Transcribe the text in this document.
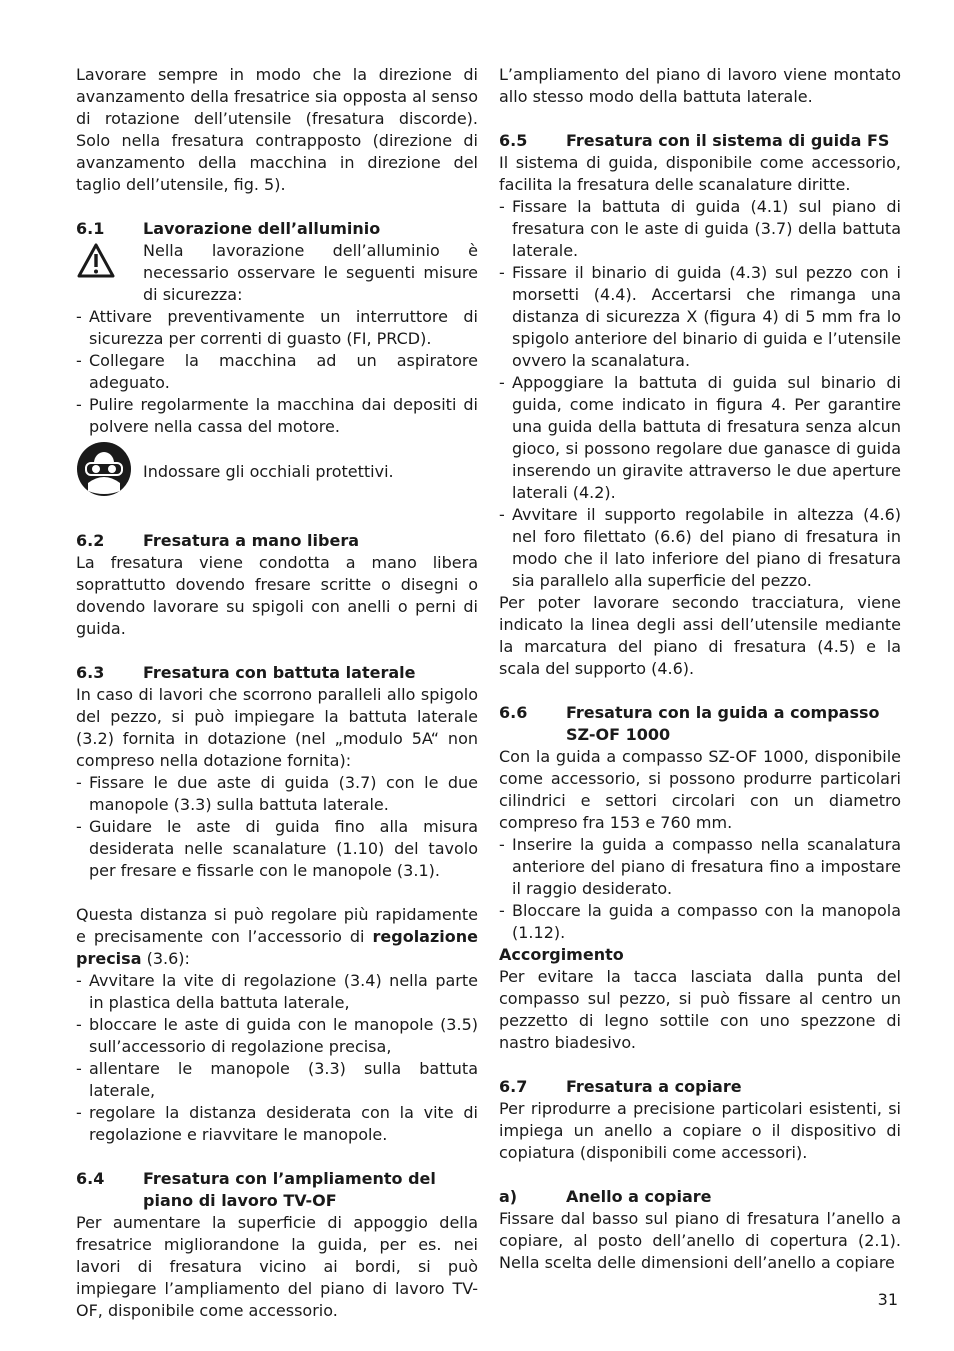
Lavorare sempre in modo che la direzione di avanzamento della fresatrice sia opposta al senso di rotazione dell’utensile (fresatura discorde). Solo nella fresatura contrapposto (direzione di avanzamento della macchina in direzione del taglio dell’utensile, fig. 5).

6.1	Lavorazione dell’alluminio
Nella lavorazione dell’alluminio è necessario osservare le seguenti misure di sicurezza:
- Attivare preventivamente un interruttore di sicurezza per correnti di guasto (FI, PRCD).
- Collegare la macchina ad un aspiratore adeguato.
- Pulire regolarmente la macchina dai depositi di polvere nella cassa del motore.
Indossare gli occhiali protettivi.
6.2	Fresatura a mano libera

La fresatura viene condotta a mano libera soprattutto dovendo fresare scritte o disegni o dovendo lavorare su spigoli con anelli o perni di guida.

6.3	Fresatura con battuta laterale

In caso di lavori che scorrono paralleli allo spigolo del pezzo, si può impiegare la battuta laterale (3.2) fornita in dotazione (nel „modulo 5A“ non compreso nella dotazione fornita):

- Fissare le due aste di guida (3.7) con le due manopole (3.3) sulla battuta laterale.
- Guidare le aste di guida fino alla misura desiderata nelle scanalature (1.10) del tavolo per fresare e fissarle con le manopole (3.1).

Questa distanza si può regolare più rapidamente e precisamente con l’accessorio di regolazione precisa (3.6):

- Avvitare la vite di regolazione (3.4) nella parte in plastica della battuta laterale,
- bloccare le aste di guida con le manopole (3.5) sull’accessorio di regolazione precisa,
- allentare le manopole (3.3) sulla battuta laterale,
- regolare la distanza desiderata con la vite di regolazione e riavvitare le manopole.
6.4	Fresatura con l’ampliamento del piano di lavoro TV-OF

Per aumentare la superficie di appoggio della fresatrice migliorandone la guida, per es. nei lavori di fresatura vicino ai bordi, si può impiegare l’ampliamento del piano di lavoro TV-OF, disponibile come accessorio.

L’ampliamento del piano di lavoro viene montato allo stesso modo della battuta laterale.

6.5	Fresatura con il sistema di guida FS

Il sistema di guida, disponibile come accessorio, facilita la fresatura delle scanalature diritte.

- Fissare la battuta di guida (4.1) sul piano di fresatura con le aste di guida (3.7) della battuta laterale.
- Fissare il binario di guida (4.3) sul pezzo con i morsetti (4.4). Accertarsi che rimanga una distanza di sicurezza X (figura 4) di 5 mm fra lo spigolo anteriore del binario di guida e l’utensile ovvero la scanalatura.
- Appoggiare la battuta di guida sul binario di guida, come indicato in figura 4. Per garantire una guida della battuta di fresatura senza alcun gioco, si possono regolare due ganasce di guida inserendo un giravite attraverso le due aperture laterali (4.2).
- Avvitare il supporto regolabile in altezza (4.6) nel foro filettato (6.6) del piano di fresatura in modo che il lato inferiore del piano di fresatura sia parallelo alla superficie del pezzo.

Per poter lavorare secondo tracciatura, viene indicato la linea degli assi dell’utensile mediante la marcatura del piano di fresatura (4.5) e la scala del supporto (4.6).

6.6	Fresatura con la guida a compasso SZ-OF 1000

Con la guida a compasso SZ-OF 1000, disponibile come accessorio, si possono produrre particolari cilindrici e settori circolari con un diametro compreso fra 153 e 760 mm.

- Inserire la guida a compasso nella scanalatura anteriore del piano di fresatura fino a impostare il raggio desiderato.
- Bloccare la guida a compasso con la manopola (1.12).
Accorgimento

Per evitare la tacca lasciata dalla punta del compasso sul pezzo, si può fissare al centro un pezzetto di legno sottile con uno spezzone di nastro biadesivo.

6.7	Fresatura a copiare

Per riprodurre a precisione particolari esistenti, si impiega un anello a copiare o il dispositivo di copiatura (disponibili come accessori).

a)	Anello a copiare

Fissare dal basso sul piano di fresatura l’anello a copiare, al posto dell’anello di copertura (2.1). Nella scelta delle dimensioni dell’anello a copiare

31
